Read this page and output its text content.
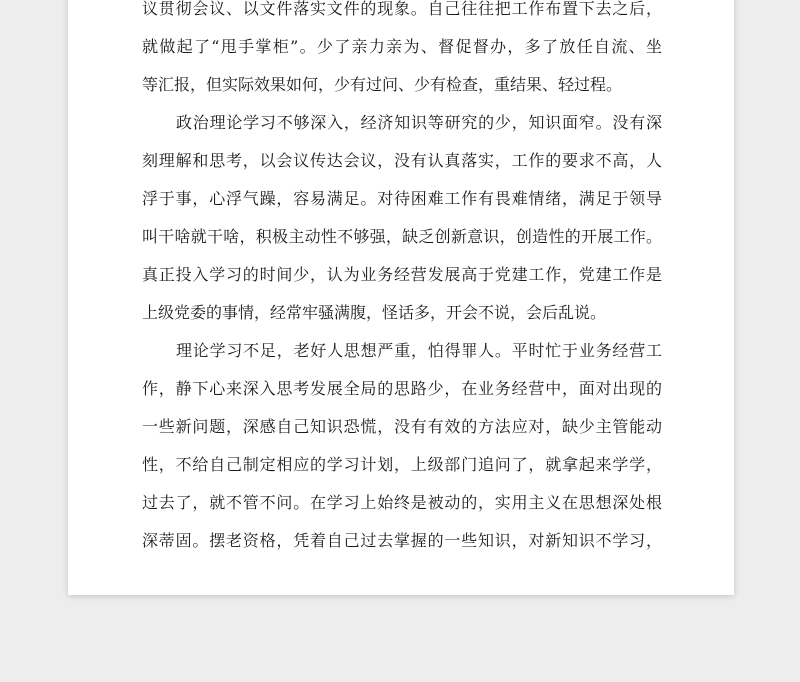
议贯彻会议、以文件落实文件的现象。自己往往把工作布置下去之后，
就做起了“甩手掌柜”。少了亲力亲为、督促督办，多了放任自流、坐
等汇报，但实际效果如何，少有过问、少有检查，重结果、轻过程。
政治理论学习不够深入，经济知识等研究的少，知识面窄。没有深
刻理解和思考，以会议传达会议，没有认真落实，工作的要求不高，人
浮于事，心浮气躁，容易满足。对待困难工作有畏难情绪，满足于领导
叫干啥就干啥，积极主动性不够强，缺乏创新意识，创造性的开展工作。
真正投入学习的时间少，认为业务经营发展高于党建工作，党建工作是
上级党委的事情，经常牢骚满腹，怪话多，开会不说，会后乱说。
理论学习不足，老好人思想严重，怕得罪人。平时忙于业务经营工
作，静下心来深入思考发展全局的思路少，在业务经营中，面对出现的
一些新问题，深感自己知识恐慌，没有有效的方法应对，缺少主管能动
性，不给自己制定相应的学习计划，上级部门追问了，就拿起来学学，
过去了，就不管不问。在学习上始终是被动的，实用主义在思想深处根
深蒂固。摆老资格，凭着自己过去掌握的一些知识，对新知识不学习，
